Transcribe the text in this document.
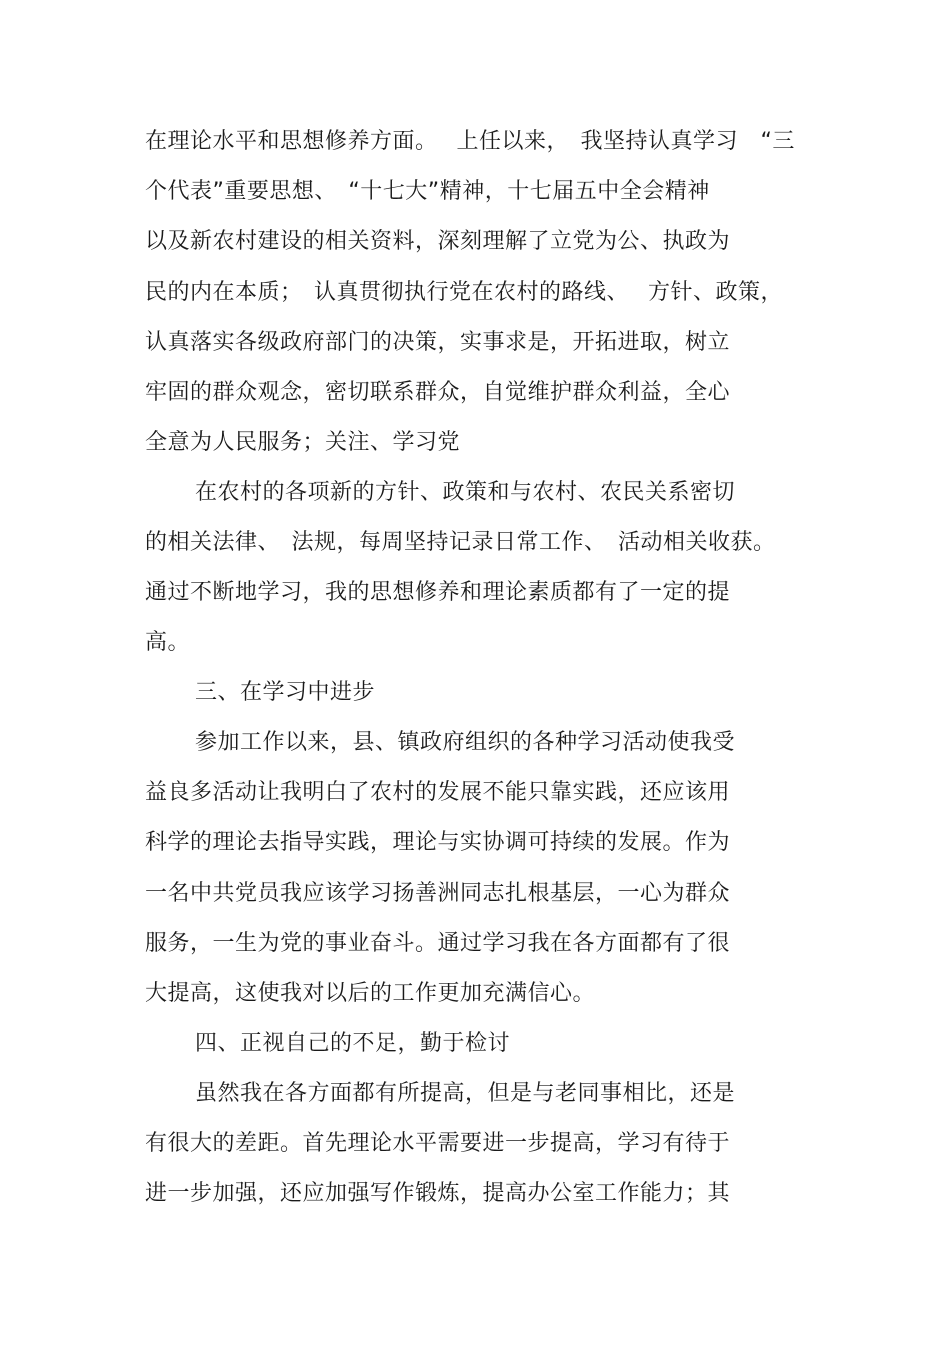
在理论水平和思想修养方面。　 上任以来，　我坚持认真学习　“三
个代表”重要思想、　“十七大”精神，十七届五中全会精神
以及新农村建设的相关资料，深刻理解了立党为公、执政为
民的内在本质；　认真贯彻执行党在农村的路线、　 方针、政策，
认真落实各级政府部门的决策，实事求是，开拓进取，树立
牢固的群众观念，密切联系群众，自觉维护群众利益，全心
全意为人民服务；关注、学习党
在农村的各项新的方针、政策和与农村、农民关系密切
的相关法律、　法规，每周坚持记录日常工作、　活动相关收获。
通过不断地学习，我的思想修养和理论素质都有了一定的提
高。
三、在学习中进步
参加工作以来，县、镇政府组织的各种学习活动使我受
益良多活动让我明白了农村的发展不能只靠实践，还应该用
科学的理论去指导实践，理论与实协调可持续的发展。作为
一名中共党员我应该学习扬善洲同志扎根基层，一心为群众
服务，一生为党的事业奋斗。通过学习我在各方面都有了很
大提高，这使我对以后的工作更加充满信心。
四、正视自己的不足，勤于检讨
虽然我在各方面都有所提高，但是与老同事相比，还是
有很大的差距。首先理论水平需要进一步提高，学习有待于
进一步加强，还应加强写作锻炼，提高办公室工作能力；其
